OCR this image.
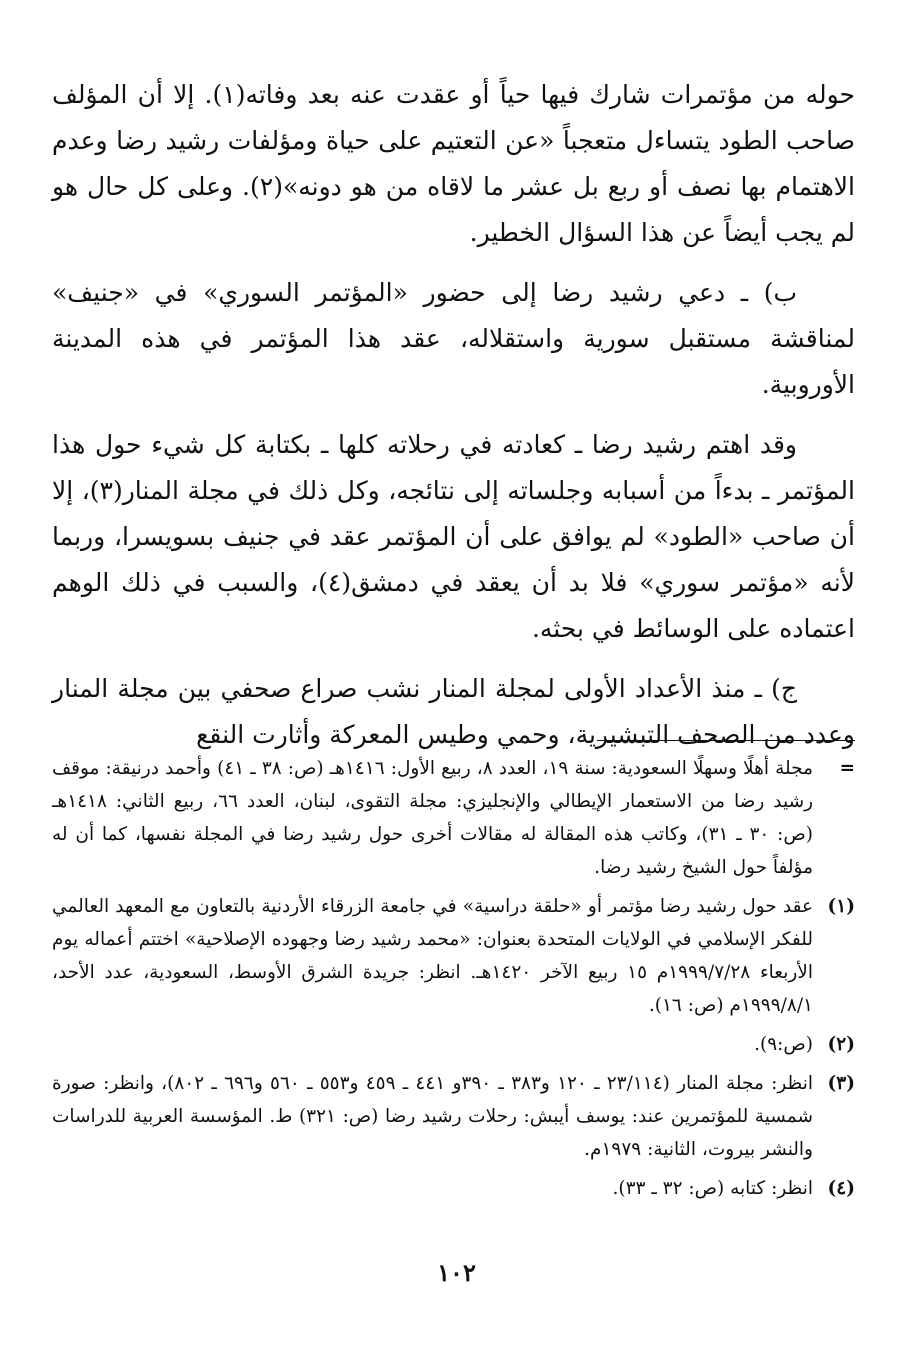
حوله من مؤتمرات شارك فيها حياً أو عقدت عنه بعد وفاته(١). إلا أن المؤلف صاحب الطود يتساءل متعجباً «عن التعتيم على حياة ومؤلفات رشيد رضا وعدم الاهتمام بها نصف أو ربع بل عشر ما لاقاه من هو دونه»(٢). وعلى كل حال هو لم يجب أيضاً عن هذا السؤال الخطير.

ب) ـ دعي رشيد رضا إلى حضور «المؤتمر السوري» في «جنيف» لمناقشة مستقبل سورية واستقلاله، عقد هذا المؤتمر في هذه المدينة الأوروبية.

وقد اهتم رشيد رضا ـ كعادته في رحلاته كلها ـ بكتابة كل شيء حول هذا المؤتمر ـ بدءاً من أسبابه وجلساته إلى نتائجه، وكل ذلك في مجلة المنار(٣)، إلا أن صاحب «الطود» لم يوافق على أن المؤتمر عقد في جنيف بسويسرا، وربما لأنه «مؤتمر سوري» فلا بد أن يعقد في دمشق(٤)، والسبب في ذلك الوهم اعتماده على الوسائط في بحثه.

ج) ـ منذ الأعداد الأولى لمجلة المنار نشب صراع صحفي بين مجلة المنار وعدد من الصحف التبشيرية، وحمي وطيس المعركة وأثارت النقع

=
مجلة أهلًا وسهلًا السعودية: سنة ١٩، العدد ٨، ربيع الأول: ١٤١٦هـ (ص: ٣٨ ـ ٤١) وأحمد درنيقة: موقف رشيد رضا من الاستعمار الإيطالي والإنجليزي: مجلة التقوى، لبنان، العدد ٦٦، ربيع الثاني: ١٤١٨هـ (ص: ٣٠ ـ ٣١)، وكاتب هذه المقالة له مقالات أخرى حول رشيد رضا في المجلة نفسها، كما أن له مؤلفاً حول الشيخ رشيد رضا.
(١)
عقد حول رشيد رضا مؤتمر أو «حلقة دراسية» في جامعة الزرقاء الأردنية بالتعاون مع المعهد العالمي للفكر الإسلامي في الولايات المتحدة بعنوان: «محمد رشيد رضا وجهوده الإصلاحية» اختتم أعماله يوم الأربعاء ١٩٩٩/٧/٢٨م ١٥ ربيع الآخر ١٤٢٠هـ. انظر: جريدة الشرق الأوسط، السعودية، عدد الأحد، ١٩٩٩/٨/١م (ص: ١٦).
(٢)
(ص:٩).
(٣)
انظر: مجلة المنار (٢٣/١١٤ ـ ١٢٠ و٣٨٣ ـ ٣٩٠و ٤٤١ ـ ٤٥٩ و٥٥٣ ـ ٥٦٠ و٦٩٦ ـ ٨٠٢)، وانظر: صورة شمسية للمؤتمرين عند: يوسف أيبش: رحلات رشيد رضا (ص: ٣٢١) ط. المؤسسة العربية للدراسات والنشر بيروت، الثانية: ١٩٧٩م.
(٤)
انظر: كتابه (ص: ٣٢ ـ ٣٣).
١٠٢
